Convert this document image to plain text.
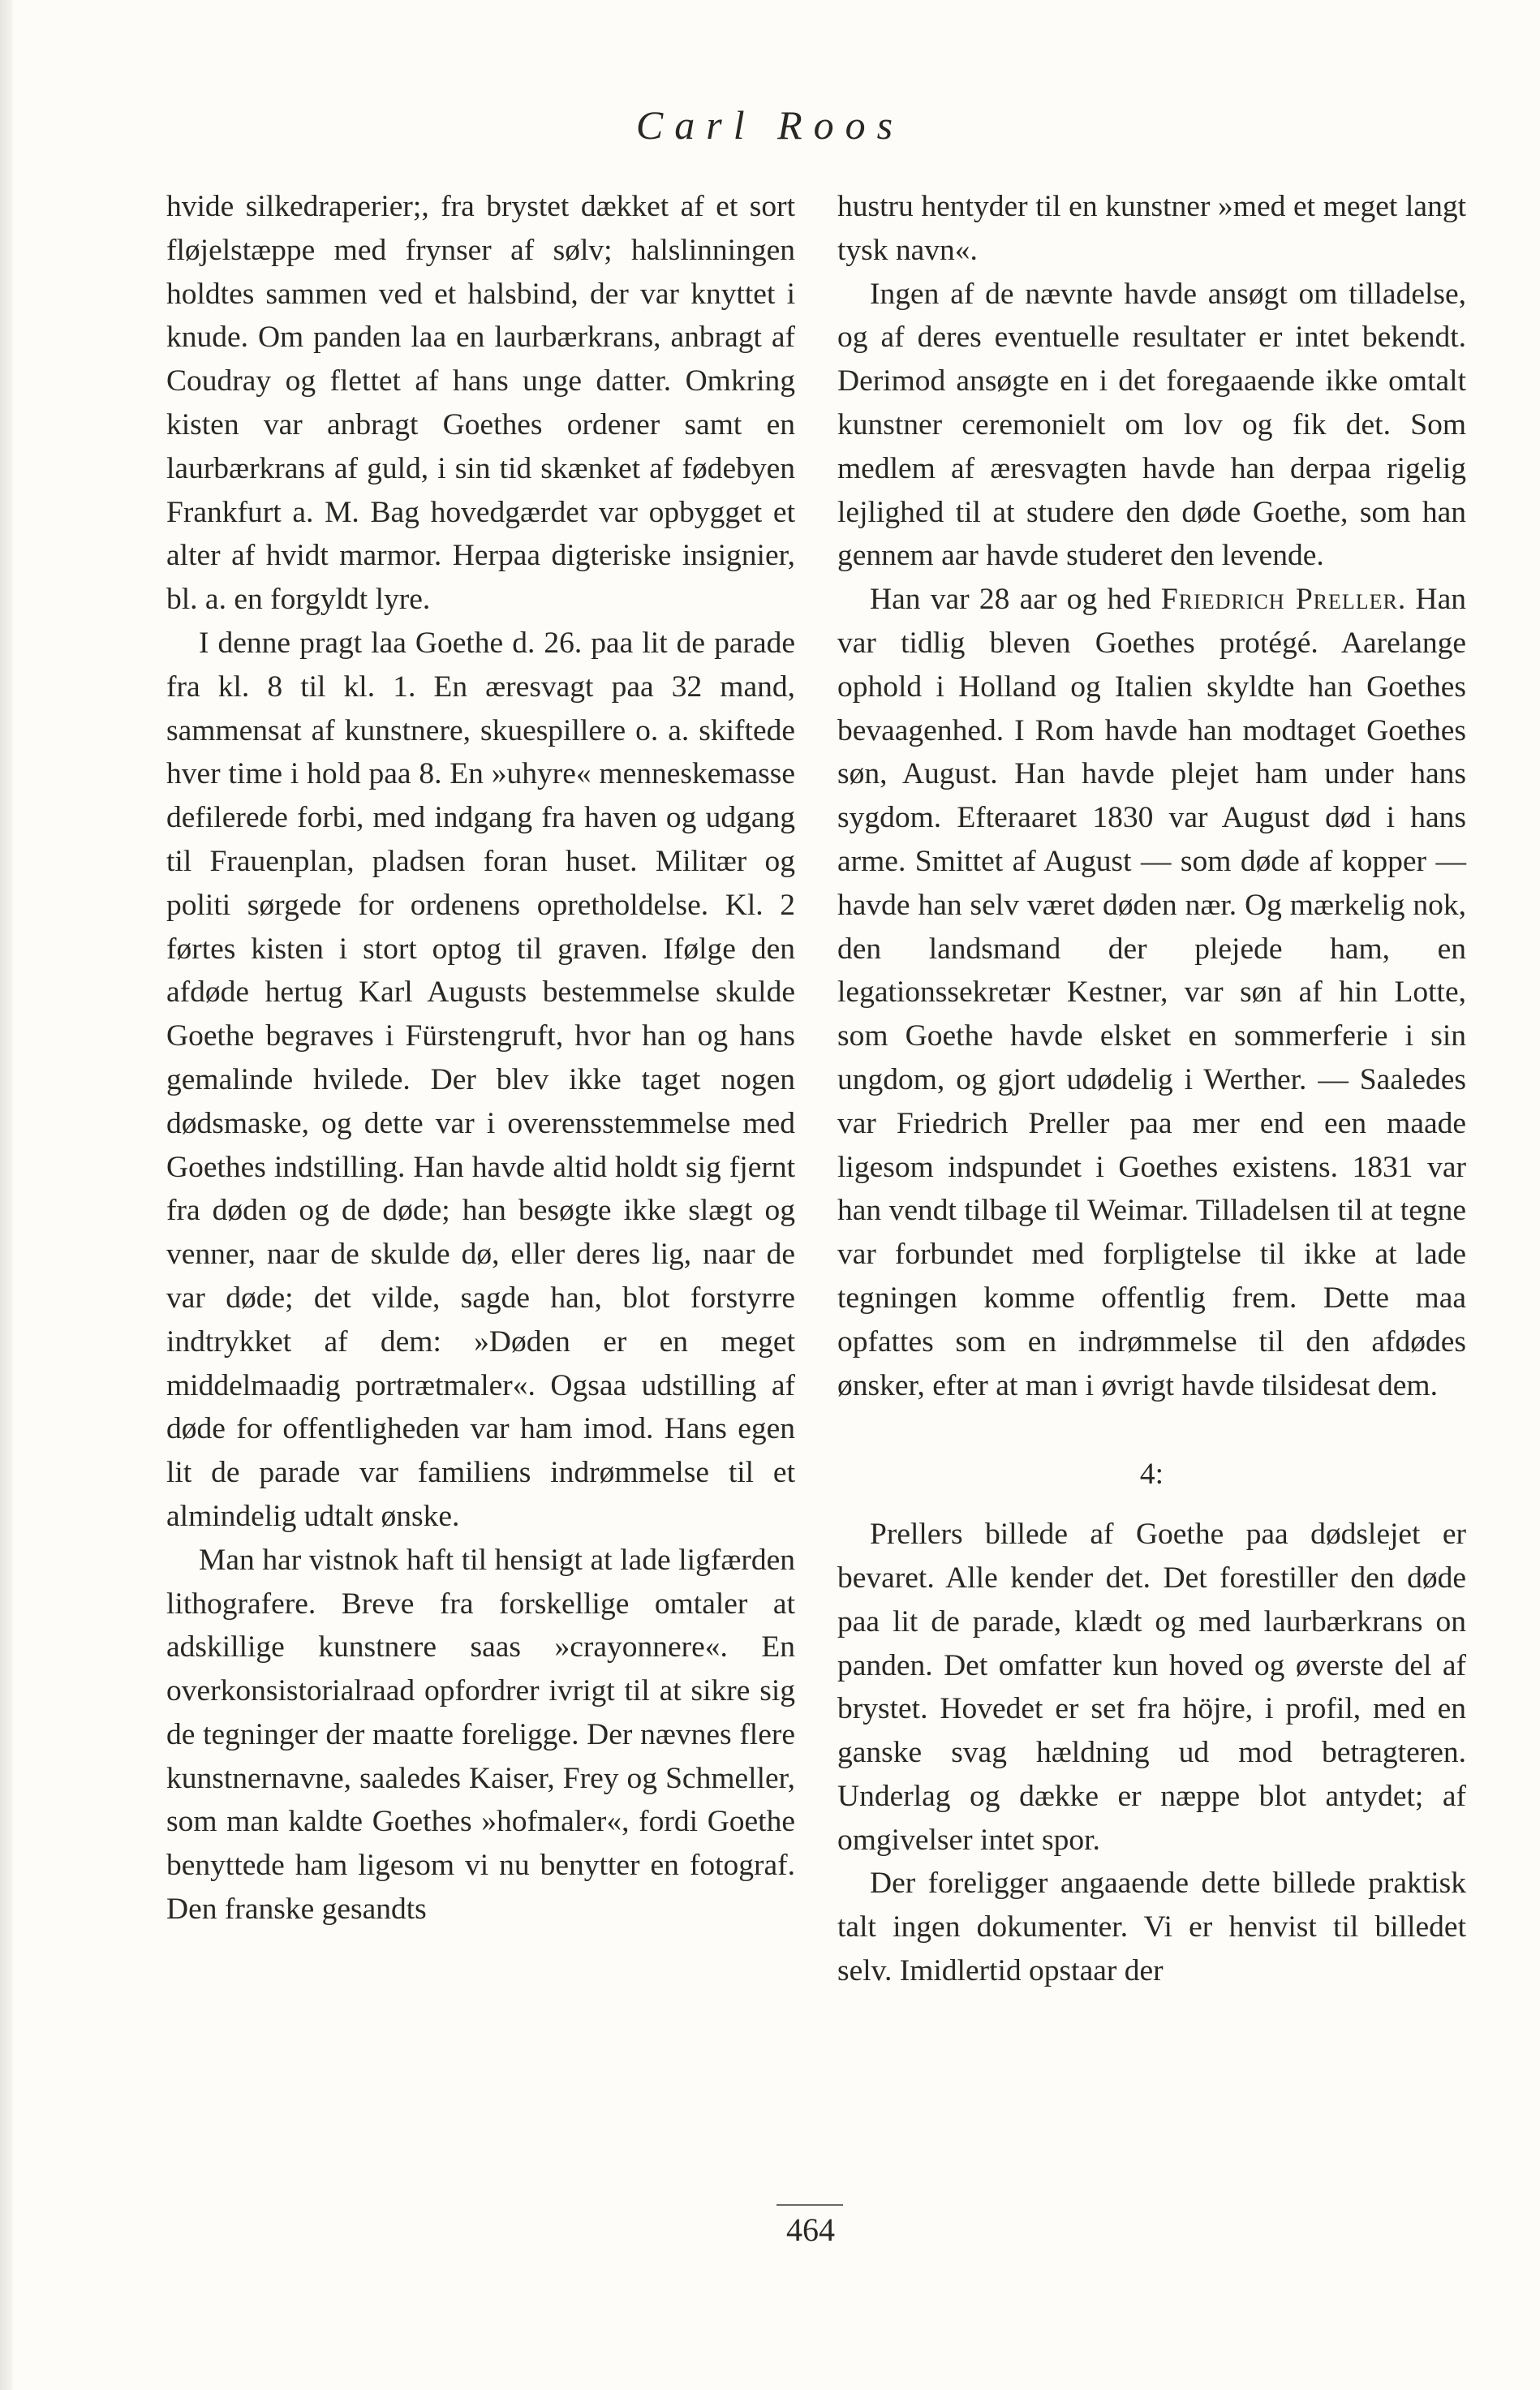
Carl Roos

hvide silkedraperier;, fra brystet dækket af et sort fløjelstæppe med frynser af sølv; halslinningen holdtes sammen ved et halsbind, der var knyttet i knude. Om panden laa en laurbærkrans, anbragt af Coudray og flettet af hans unge datter. Omkring kisten var anbragt Goethes ordener samt en laurbærkrans af guld, i sin tid skænket af fødebyen Frankfurt a. M. Bag hovedgærdet var opbygget et alter af hvidt marmor. Herpaa digteriske insignier, bl. a. en forgyldt lyre.

I denne pragt laa Goethe d. 26. paa lit de parade fra kl. 8 til kl. 1. En æresvagt paa 32 mand, sammensat af kunstnere, skuespillere o. a. skiftede hver time i hold paa 8. En »uhyre« menneskemasse defilerede forbi, med indgang fra haven og udgang til Frauenplan, pladsen foran huset. Militær og politi sørgede for ordenens opretholdelse. Kl. 2 førtes kisten i stort optog til graven. Ifølge den afdøde hertug Karl Augusts bestemmelse skulde Goethe begraves i Fürstengruft, hvor han og hans gemalinde hvilede. Der blev ikke taget nogen dødsmaske, og dette var i overensstemmelse med Goethes indstilling. Han havde altid holdt sig fjernt fra døden og de døde; han besøgte ikke slægt og venner, naar de skulde dø, eller deres lig, naar de var døde; det vilde, sagde han, blot forstyrre indtrykket af dem: »Døden er en meget middelmaadig portrætmaler«. Ogsaa udstilling af døde for offentligheden var ham imod. Hans egen lit de parade var familiens indrømmelse til et almindelig udtalt ønske.

Man har vistnok haft til hensigt at lade ligfærden lithografere. Breve fra forskellige omtaler at adskillige kunstnere saas »crayonnere«. En overkonsistorialraad opfordrer ivrigt til at sikre sig de tegninger der maatte foreligge. Der nævnes flere kunstnernavne, saaledes Kaiser, Frey og Schmeller, som man kaldte Goethes »hofmaler«, fordi Goethe benyttede ham ligesom vi nu benytter en fotograf. Den franske gesandts

hustru hentyder til en kunstner »med et meget langt tysk navn«.

Ingen af de nævnte havde ansøgt om tilladelse, og af deres eventuelle resultater er intet bekendt. Derimod ansøgte en i det foregaaende ikke omtalt kunstner ceremonielt om lov og fik det. Som medlem af æresvagten havde han derpaa rigelig lejlighed til at studere den døde Goethe, som han gennem aar havde studeret den levende.

Han var 28 aar og hed Friedrich Preller. Han var tidlig bleven Goethes protégé. Aarelange ophold i Holland og Italien skyldte han Goethes bevaagenhed. I Rom havde han modtaget Goethes søn, August. Han havde plejet ham under hans sygdom. Efteraaret 1830 var August død i hans arme. Smittet af August — som døde af kopper — havde han selv været døden nær. Og mærkelig nok, den landsmand der plejede ham, en legationssekretær Kestner, var søn af hin Lotte, som Goethe havde elsket en sommerferie i sin ungdom, og gjort udødelig i Werther. — Saaledes var Friedrich Preller paa mer end een maade ligesom indspundet i Goethes existens. 1831 var han vendt tilbage til Weimar. Tilladelsen til at tegne var forbundet med forpligtelse til ikke at lade tegningen komme offentlig frem. Dette maa opfattes som en indrømmelse til den afdødes ønsker, efter at man i øvrigt havde tilsidesat dem.

4:

Prellers billede af Goethe paa dødslejet er bevaret. Alle kender det. Det forestiller den døde paa lit de parade, klædt og med laurbærkrans on panden. Det omfatter kun hoved og øverste del af brystet. Hovedet er set fra höjre, i profil, med en ganske svag hældning ud mod betragteren. Underlag og dække er næppe blot antydet; af omgivelser intet spor.

Der foreligger angaaende dette billede praktisk talt ingen dokumenter. Vi er henvist til billedet selv. Imidlertid opstaar der

464
